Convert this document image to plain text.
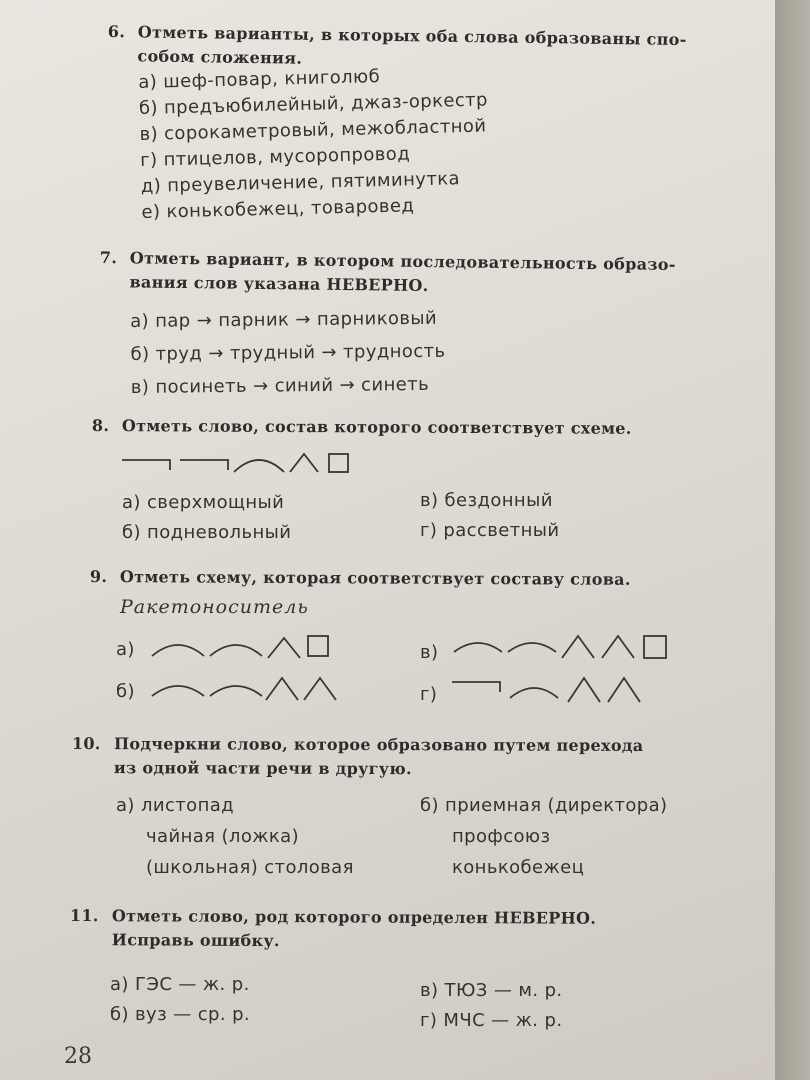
6. Отметь варианты, в которых оба слова образованы спо-
собом сложения.
а) шеф-повар, книголюб
б) предъюбилейный, джаз-оркестр
в) сорокаметровый, межобластной
г) птицелов, мусоропровод
д) преувеличение, пятиминутка
е) конькобежец, товаровед
7. Отметь вариант, в котором последовательность образо-
вания слов указана НЕВЕРНО.
а) пар → парник → парниковый
б) труд → трудный → трудность
в) посинеть → синий → синеть
8. Отметь слово, состав которого соответствует схеме.
а) сверхмощный
б) подневольный
в) бездонный
г) рассветный
9. Отметь схему, которая соответствует составу слова.
Ракетоноситель
а)
б)
в)
г)
10. Подчеркни слово, которое образовано путем перехода
из одной части речи в другую.
а) листопад
чайная (ложка)
(школьная) столовая
б) приемная (директора)
профсоюз
конькобежец
11. Отметь слово, род которого определен НЕВЕРНО.
Исправь ошибку.
а) ГЭС — ж. р.
б) вуз — ср. р.
в) ТЮЗ — м. р.
г) МЧС — ж. р.
28
